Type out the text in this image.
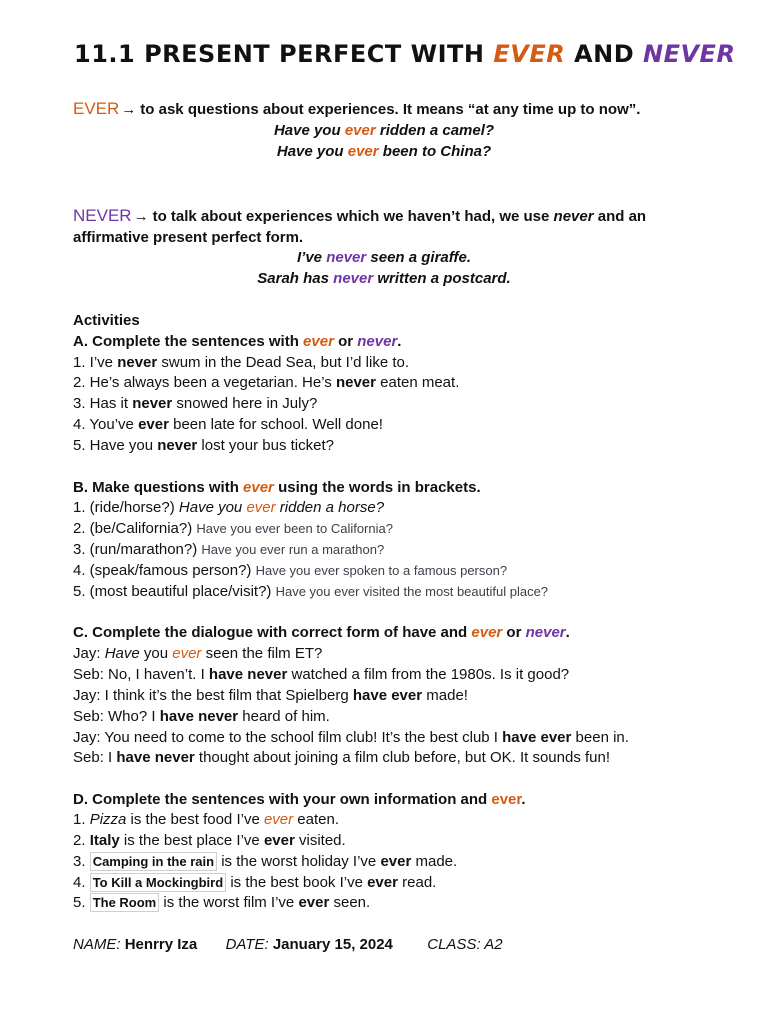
11.1 PRESENT PERFECT WITH EVER AND NEVER
EVER → to ask questions about experiences. It means “at any time up to now”.
Have you ever ridden a camel?
Have you ever been to China?
NEVER → to talk about experiences which we haven’t had, we use never and an
affirmative present perfect form.
I’ve never seen a giraffe.
Sarah has never written a postcard.
Activities
A. Complete the sentences with ever or never.
1. I’ve never swum in the Dead Sea, but I’d like to.
2. He’s always been a vegetarian. He’s never eaten meat.
3. Has it never snowed here in July?
4. You’ve ever been late for school. Well done!
5. Have you never lost your bus ticket?
B. Make questions with ever using the words in brackets.
1. (ride/horse?) Have you ever ridden a horse?
2. (be/California?) Have you ever been to California?
3. (run/marathon?) Have you ever run a marathon?
4. (speak/famous person?) Have you ever spoken to a famous person?
5. (most beautiful place/visit?) Have you ever visited the most beautiful place?
C. Complete the dialogue with correct form of have and ever or never.
Jay: Have you ever seen the film ET?
Seb: No, I haven’t. I have never watched a film from the 1980s. Is it good?
Jay: I think it’s the best film that Spielberg have ever made!
Seb: Who? I have never heard of him.
Jay: You need to come to the school film club! It’s the best club I have ever been in.
Seb: I have never thought about joining a film club before, but OK. It sounds fun!
D. Complete the sentences with your own information and ever.
1. Pizza is the best food I’ve ever eaten.
2. Italy is the best place I’ve ever visited.
3. Camping in the rain is the worst holiday I’ve ever made.
4. To Kill a Mockingbird is the best book I’ve ever read.
5. The Room is the worst film I’ve ever seen.
NAME: Henrry Iza DATE: January 15, 2024 CLASS: A2
